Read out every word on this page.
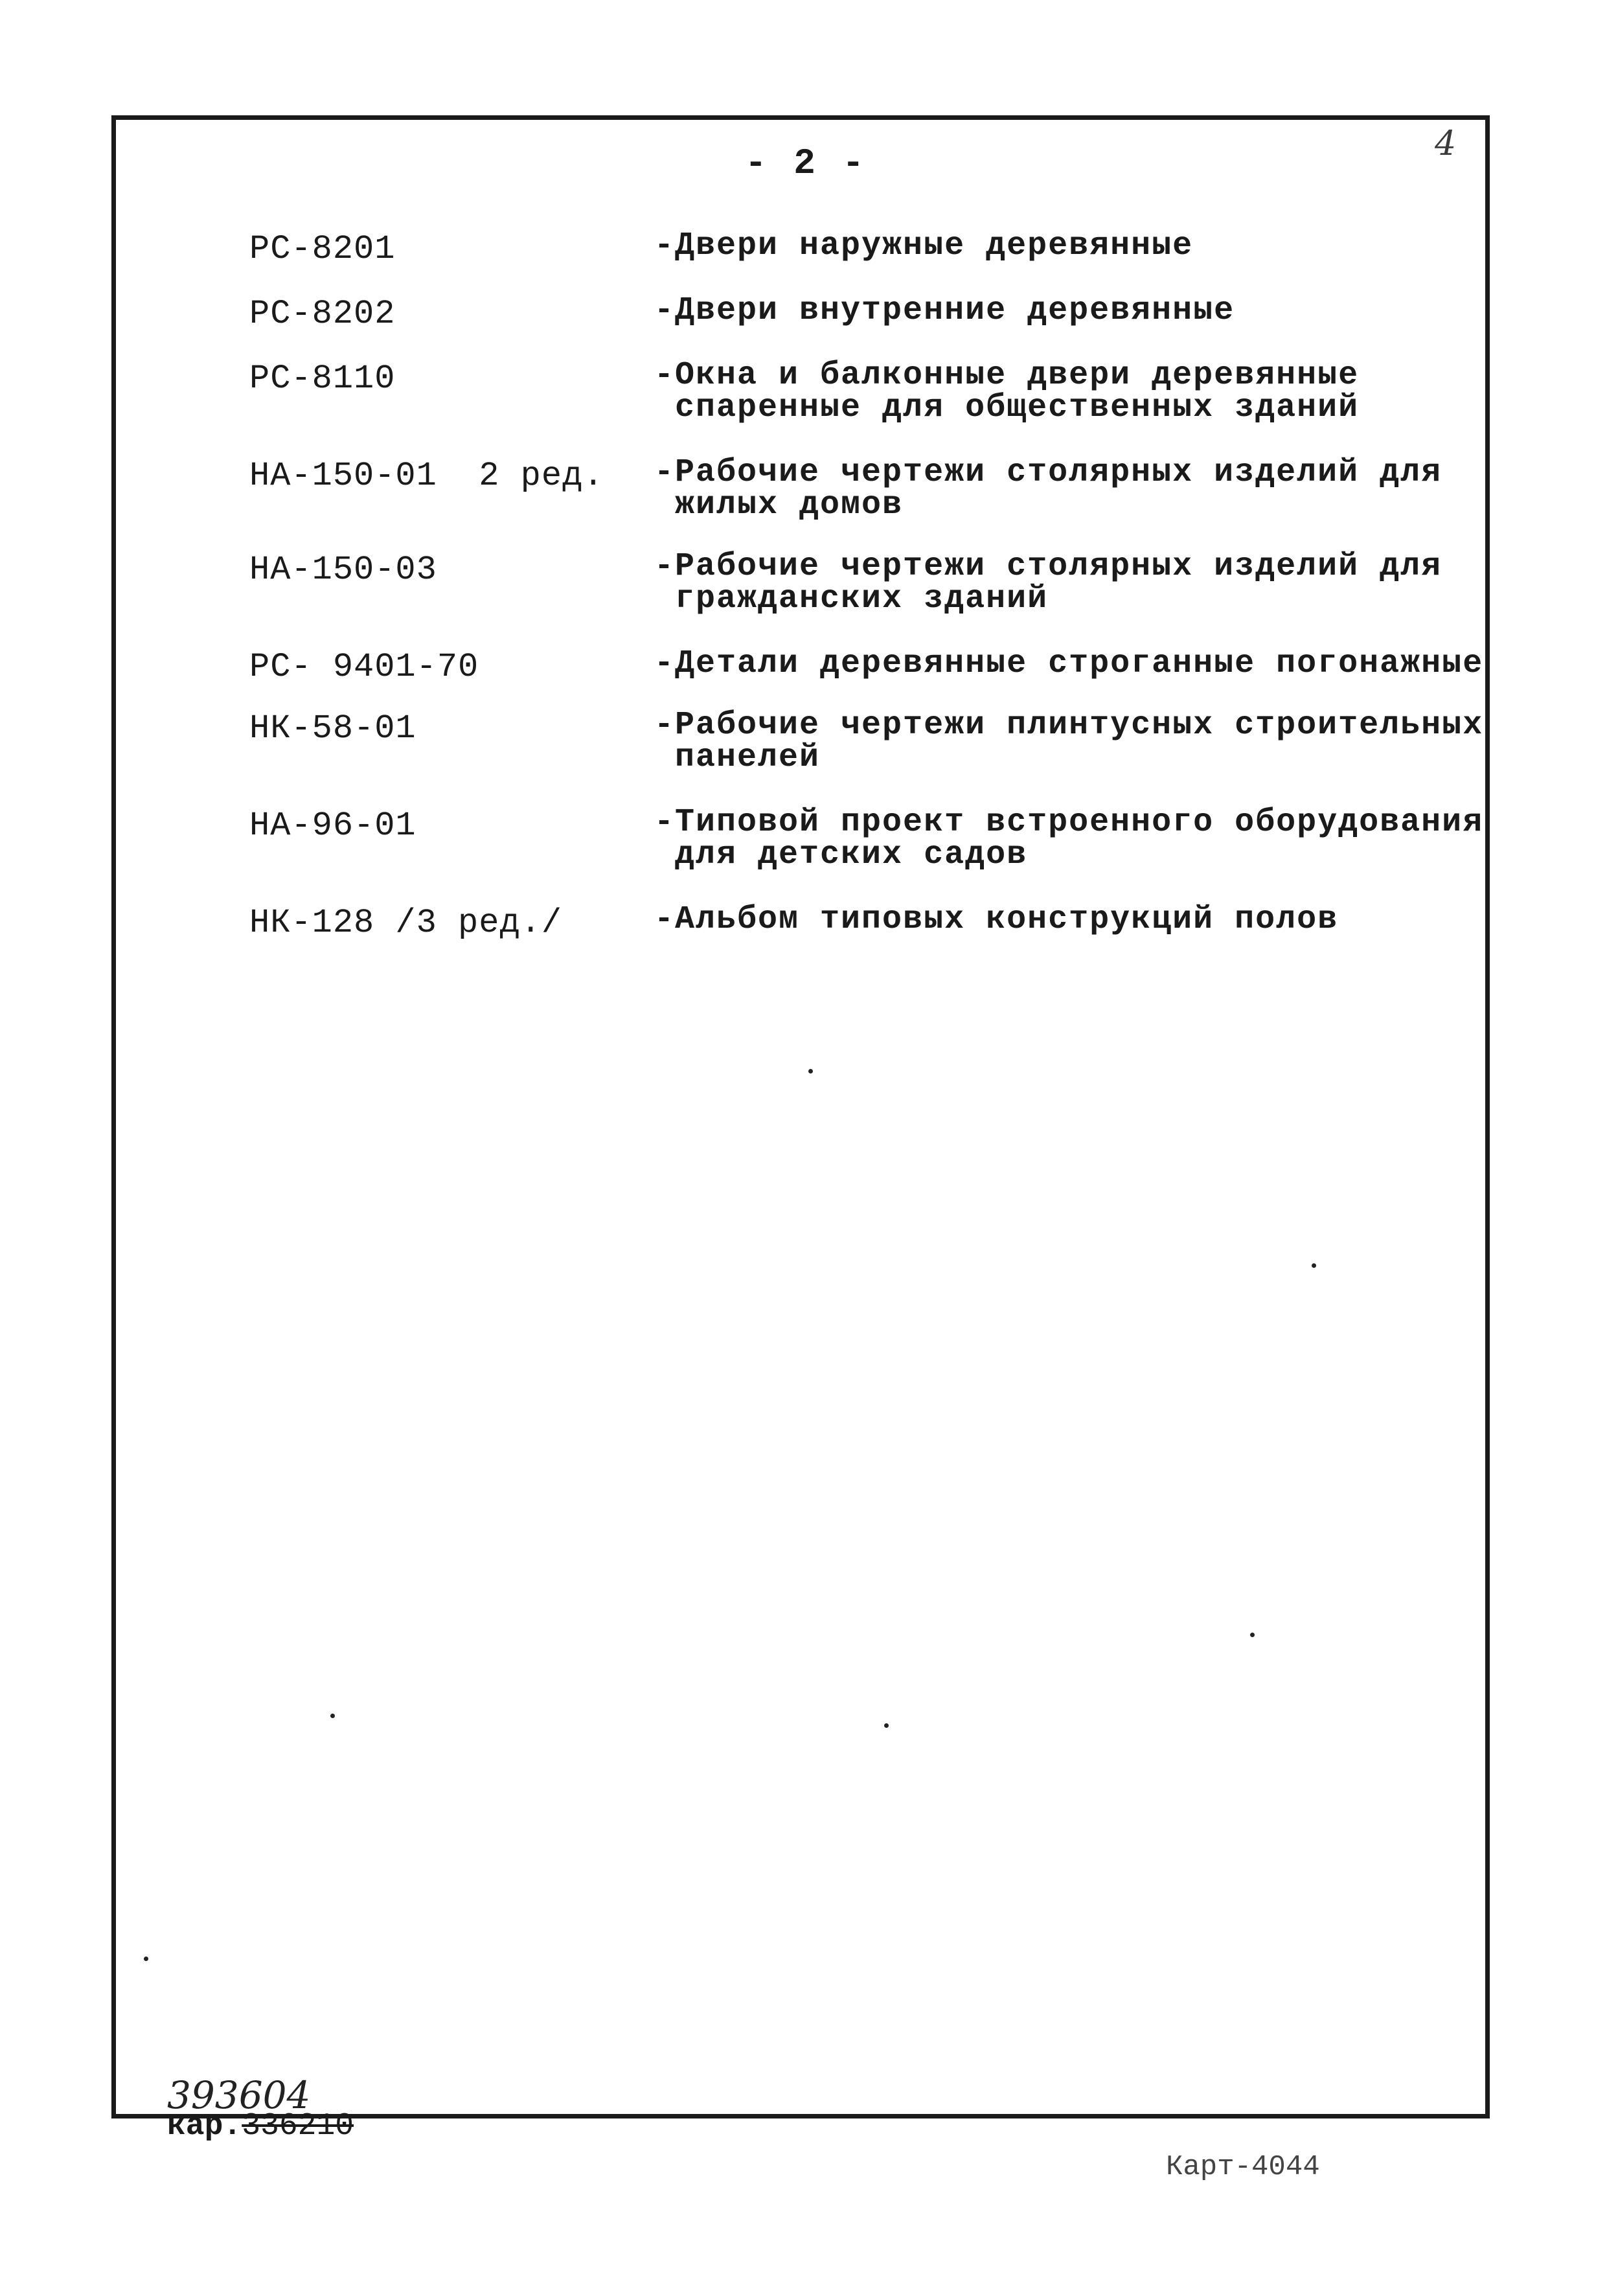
- 2 -	4
РС-8201	-Двери наружные деревянные
РС-8202	-Двери внутренние деревянные
РС-8110	-Окна и балконные двери деревянные
спаренные для общественных зданий
НА-150-01  2 ред. -Рабочие чертежи столярных изделий для
жилых домов
НА-150-03	-Рабочие чертежи столярных изделий для
гражданских зданий
РС- 9401-70	-Детали деревянные строганные погонажные
НК-58-01	-Рабочие чертежи плинтусных строительных
панелей
НА-96-01	-Типовой проект встроенного оборудования
для детских садов
НК-128 /3 ред./	-Альбом типовых конструкций полов
393604
кар.336210
Карт-4044
